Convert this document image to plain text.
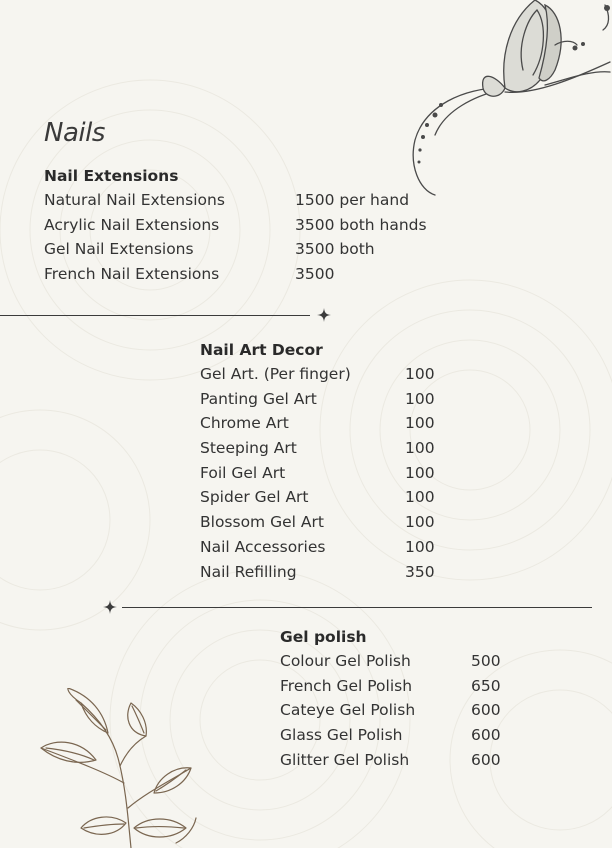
Nails
Nail Extensions
Natural Nail Extensions	1500 per hand
Acrylic Nail Extensions	3500 both hands
Gel Nail Extensions	3500 both
French Nail Extensions	3500
Nail Art Decor
Gel Art. (Per finger)	100
Panting Gel Art	100
Chrome Art	100
Steeping Art	100
Foil Gel Art	100
Spider Gel Art	100
Blossom Gel Art	100
Nail Accessories	100
Nail Refilling	350
Gel polish
Colour Gel Polish	500
French Gel Polish	650
Cateye Gel Polish	600
Glass Gel Polish	600
Glitter Gel Polish	600
